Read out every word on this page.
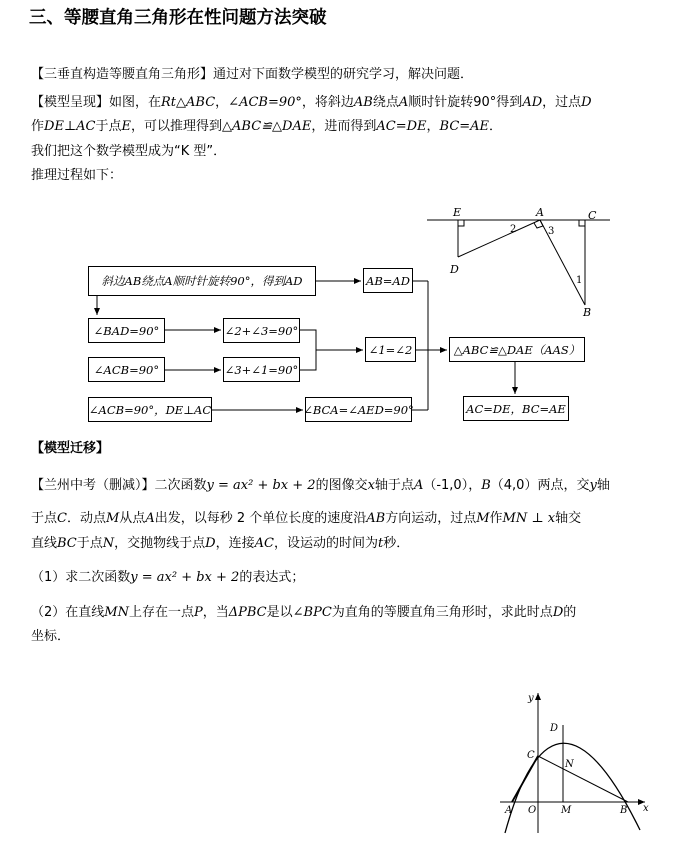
三、等腰直角三角形在性问题方法突破
【三垂直构造等腰直角三角形】通过对下面数学模型的研究学习，解决问题．
【模型呈现】如图，在Rt△ABC，∠ACB=90°，将斜边AB绕点A顺时针旋转90°得到AD，过点D
作DE⊥AC于点E，可以推理得到△ABC≌△DAE，进而得到AC=DE，BC=AE．
我们把这个数学模型成为“K 型”．
推理过程如下：
E	A	C
D
B
2	3
1
斜边AB绕点A顺时针旋转90°，得到AD	AB=AD
∠BAD=90°	∠2+∠3=90°
∠ACB=90°	∠3+∠1=90°
∠1=∠2	△ABC≌△DAE（AAS）
∠ACB=90°，DE⊥AC	∠BCA=∠AED=90°	AC=DE，BC=AE
【模型迁移】
【兰州中考（删减）】二次函数y = ax² + bx + 2的图像交x轴于点A（-1,0），B（4,0）两点，交y轴
于点C．动点M从点A出发，以每秒 2 个单位长度的速度沿AB方向运动，过点M作MN ⊥ x轴交
直线BC于点N，交抛物线于点D，连接AC，设运动的时间为t秒．
（1）求二次函数y = ax² + bx + 2的表达式；
（2）在直线MN上存在一点P，当ΔPBC是以∠BPC为直角的等腰直角三角形时，求此时点D的
坐标．
y
x
D
C
N
A O M	B
